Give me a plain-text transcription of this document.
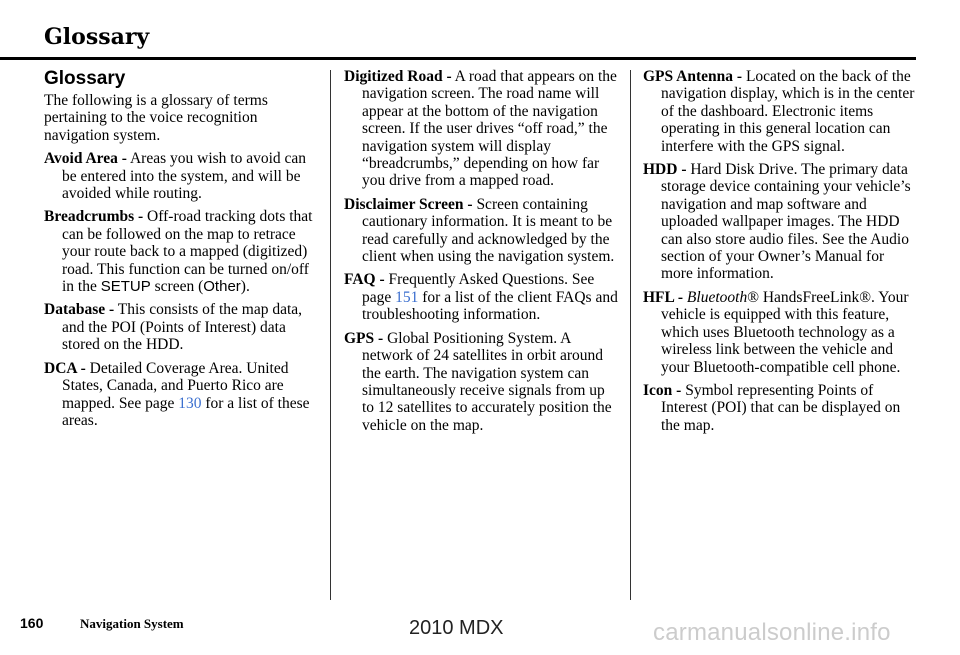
Glossary
Glossary

The following is a glossary of terms pertaining to the voice recognition navigation system.

Avoid Area - Areas you wish to avoid can be entered into the system, and will be avoided while routing.

Breadcrumbs - Off-road tracking dots that can be followed on the map to retrace your route back to a mapped (digitized) road. This function can be turned on/off in the SETUP screen (Other).

Database - This consists of the map data, and the POI (Points of Interest) data stored on the HDD.

DCA - Detailed Coverage Area. United States, Canada, and Puerto Rico are mapped. See page 130 for a list of these areas.

Digitized Road - A road that appears on the navigation screen. The road name will appear at the bottom of the navigation screen. If the user drives “off road,” the navigation system will display “breadcrumbs,” depending on how far you drive from a mapped road.

Disclaimer Screen - Screen containing cautionary information. It is meant to be read carefully and acknowledged by the client when using the navigation system.

FAQ - Frequently Asked Questions. See page 151 for a list of the client FAQs and troubleshooting information.

GPS - Global Positioning System. A network of 24 satellites in orbit around the earth. The navigation system can simultaneously receive signals from up to 12 satellites to accurately position the vehicle on the map.

GPS Antenna - Located on the back of the navigation display, which is in the center of the dashboard. Electronic items operating in this general location can interfere with the GPS signal.

HDD - Hard Disk Drive. The primary data storage device containing your vehicle’s navigation and map software and uploaded wallpaper images. The HDD can also store audio files. See the Audio section of your Owner’s Manual for more information.

HFL - Bluetooth® HandsFreeLink®. Your vehicle is equipped with this feature, which uses Bluetooth technology as a wireless link between the vehicle and your Bluetooth-compatible cell phone.

Icon - Symbol representing Points of Interest (POI) that can be displayed on the map.

160	Navigation System	2010 MDX	carmanualsonline.info
